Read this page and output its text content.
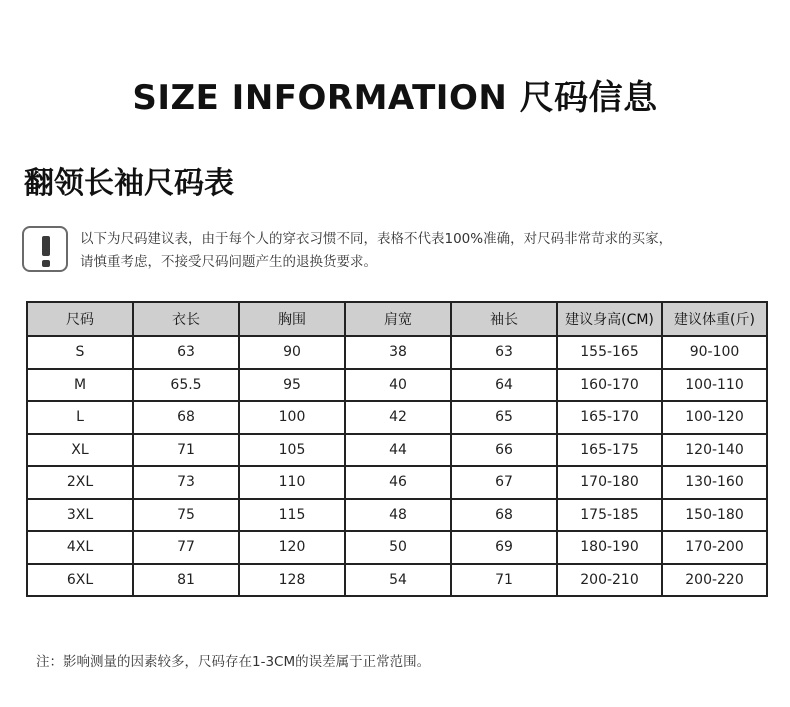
SIZE INFORMATION 尺码信息
翻领长袖尺码表
以下为尺码建议表，由于每个人的穿衣习惯不同，表格不代表100%准确，对尺码非常苛求的买家，
请慎重考虑，不接受尺码问题产生的退换货要求。
尺码	衣长	胸围	肩宽	袖长	建议身高(CM)	建议体重(斤)
S	63	90	38	63	155-165	90-100
M	65.5	95	40	64	160-170	100-110
L	68	100	42	65	165-170	100-120
XL	71	105	44	66	165-175	120-140
2XL	73	110	46	67	170-180	130-160
3XL	75	115	48	68	175-185	150-180
4XL	77	120	50	69	180-190	170-200
6XL	81	128	54	71	200-210	200-220
注：影响测量的因素较多，尺码存在1-3CM的误差属于正常范围。
